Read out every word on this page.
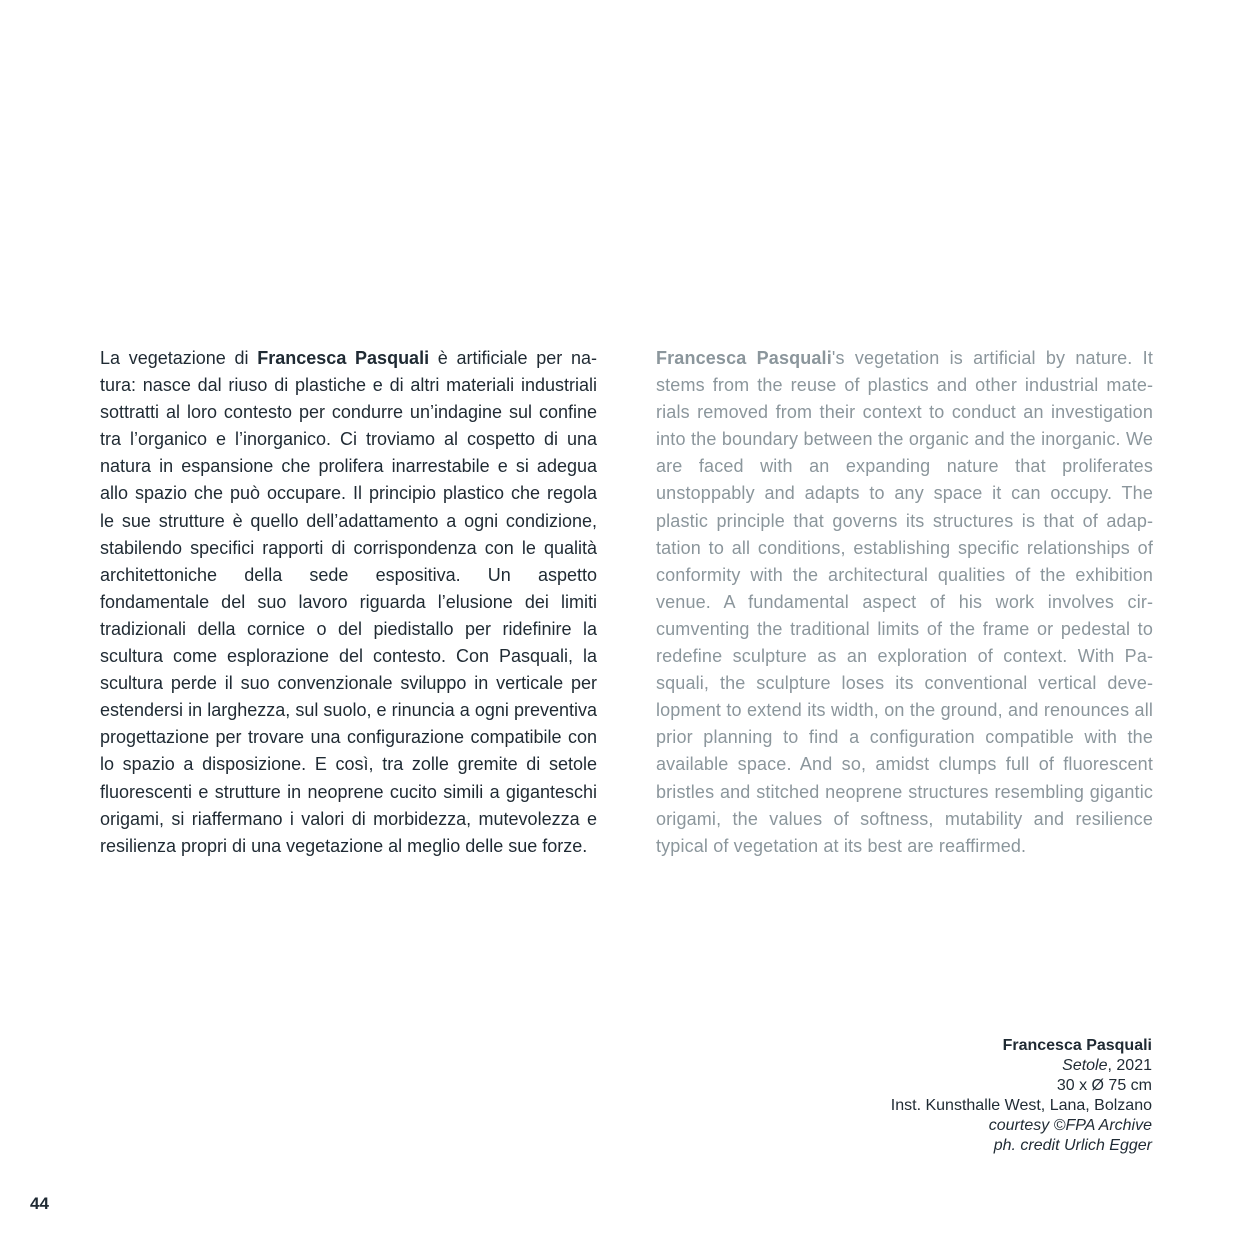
La vegetazione di Francesca Pasquali è artificiale per natura: nasce dal riuso di plastiche e di altri materiali industriali sottratti al loro contesto per condurre un’indagine sul confine tra l’organico e l’inorganico. Ci troviamo al cospetto di una natura in espansione che prolifera inarrestabile e si adegua allo spazio che può occupare. Il principio plastico che regola le sue strutture è quello dell’adattamento a ogni condizione, stabilendo specifici rapporti di corrispondenza con le qualità architettoniche della sede espositiva. Un aspetto fondamentale del suo lavoro riguarda l’elusione dei limiti tradizionali della cornice o del piedistallo per ridefinire la scultura come esplorazione del contesto. Con Pasquali, la scultura perde il suo convenzionale sviluppo in verticale per estendersi in larghezza, sul suolo, e rinuncia a ogni preventiva progettazione per trovare una configurazione compatibile con lo spazio a disposizione. E così, tra zolle gremite di setole fluorescenti e strutture in neoprene cucito simili a giganteschi origami, si riaffermano i valori di morbidezza, mutevolezza e resilienza propri di una vegetazione al meglio delle sue forze.

Francesca Pasquali's vegetation is artificial by nature. It stems from the reuse of plastics and other industrial materials removed from their context to conduct an investigation into the boundary between the organic and the inorganic. We are faced with an expanding nature that proliferates unstoppably and adapts to any space it can occupy. The plastic principle that governs its structures is that of adaptation to all conditions, establishing specific relationships of conformity with the architectural qualities of the exhibition venue. A fundamental aspect of his work involves circumventing the traditional limits of the frame or pedestal to redefine sculpture as an exploration of context. With Pasquali, the sculpture loses its conventional vertical development to extend its width, on the ground, and renounces all prior planning to find a configuration compatible with the available space. And so, amidst clumps full of fluorescent bristles and stitched neoprene structures resembling gigantic origami, the values of softness, mutability and resilience typical of vegetation at its best are reaffirmed.

Francesca Pasquali
Setole, 2021
30 x Ø 75 cm
Inst. Kunsthalle West, Lana, Bolzano
courtesy ©FPA Archive
ph. credit Urlich Egger
44
